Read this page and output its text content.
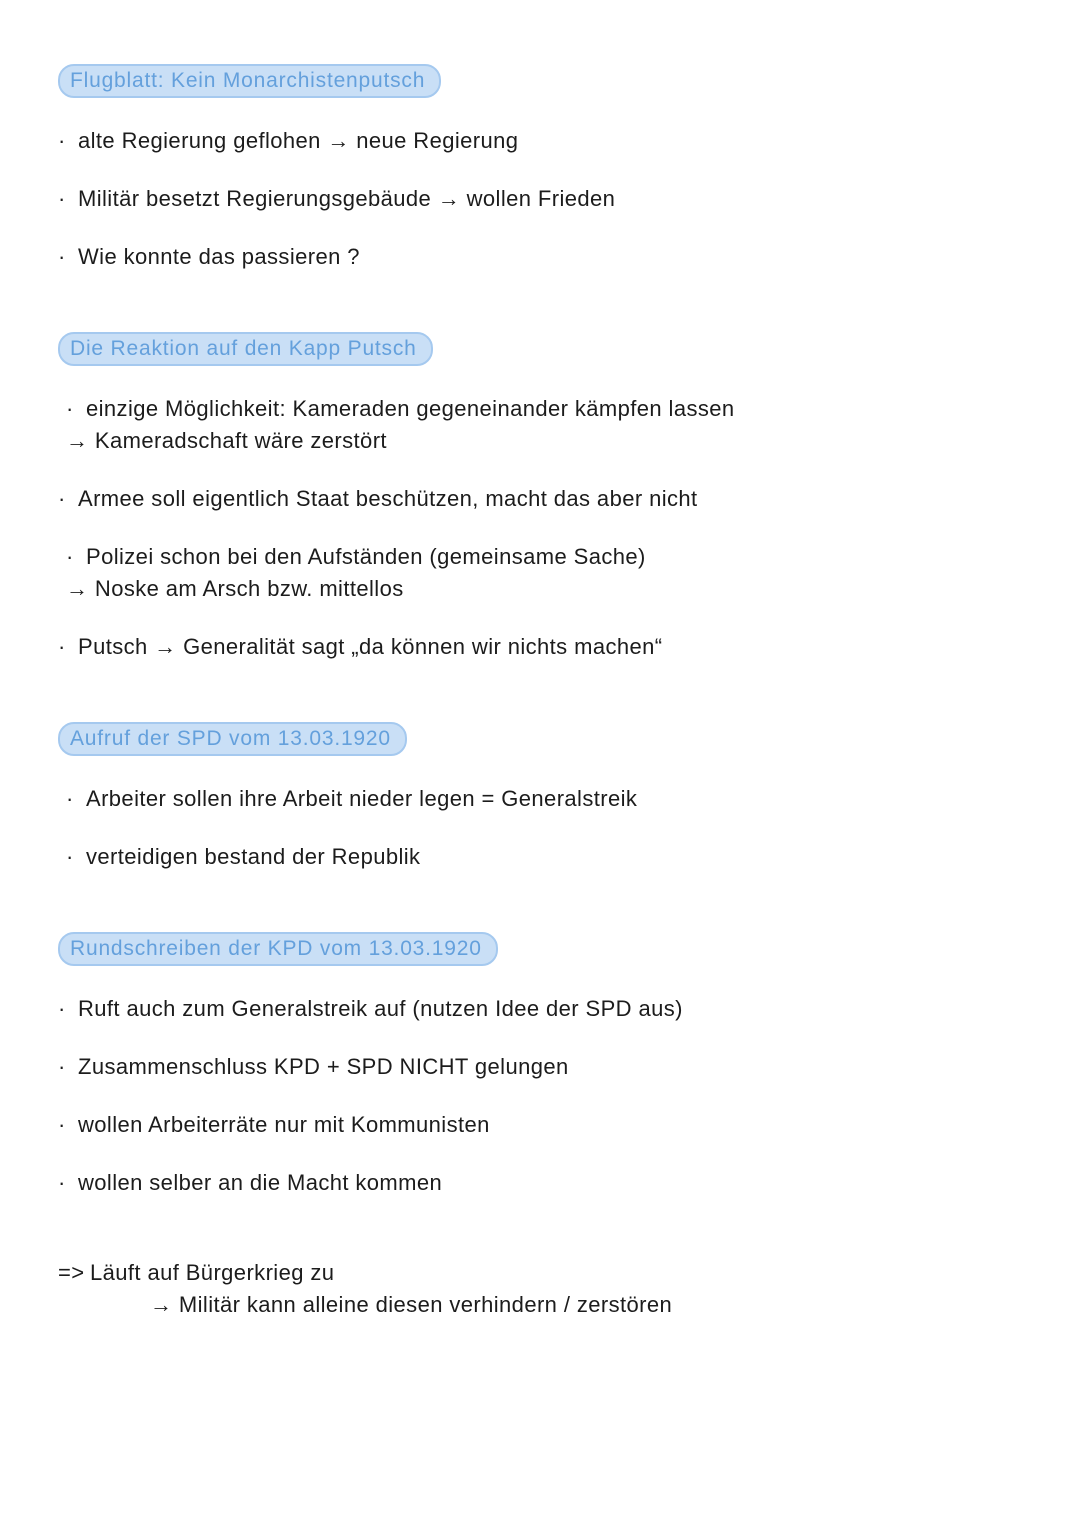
Flugblatt: Kein Monarchistenputsch
· alte Regierung geflohen → neue Regierung
· Militär besetzt Regierungsgebäude → wollen Frieden
· Wie konnte das passieren ?
Die Reaktion auf den Kapp Putsch
· einzige Möglichkeit: Kameraden gegeneinander kämpfen lassen
→ Kameradschaft wäre zerstört
· Armee soll eigentlich Staat beschützen, macht das aber nicht
· Polizei schon bei den Aufständen (gemeinsame Sache)
→ Noske am Arsch bzw. mittellos
· Putsch → Generalität sagt „da können wir nichts machen“
Aufruf der SPD vom 13.03.1920
· Arbeiter sollen ihre Arbeit nieder legen = Generalstreik
· verteidigen bestand der Republik
Rundschreiben der KPD vom 13.03.1920
· Ruft auch zum Generalstreik auf (nutzen Idee der SPD aus)
· Zusammenschluss KPD + SPD NICHT gelungen
· wollen Arbeiterräte nur mit Kommunisten
· wollen selber an die Macht kommen
=> Läuft auf Bürgerkrieg zu
→ Militär kann alleine diesen verhindern / zerstören
